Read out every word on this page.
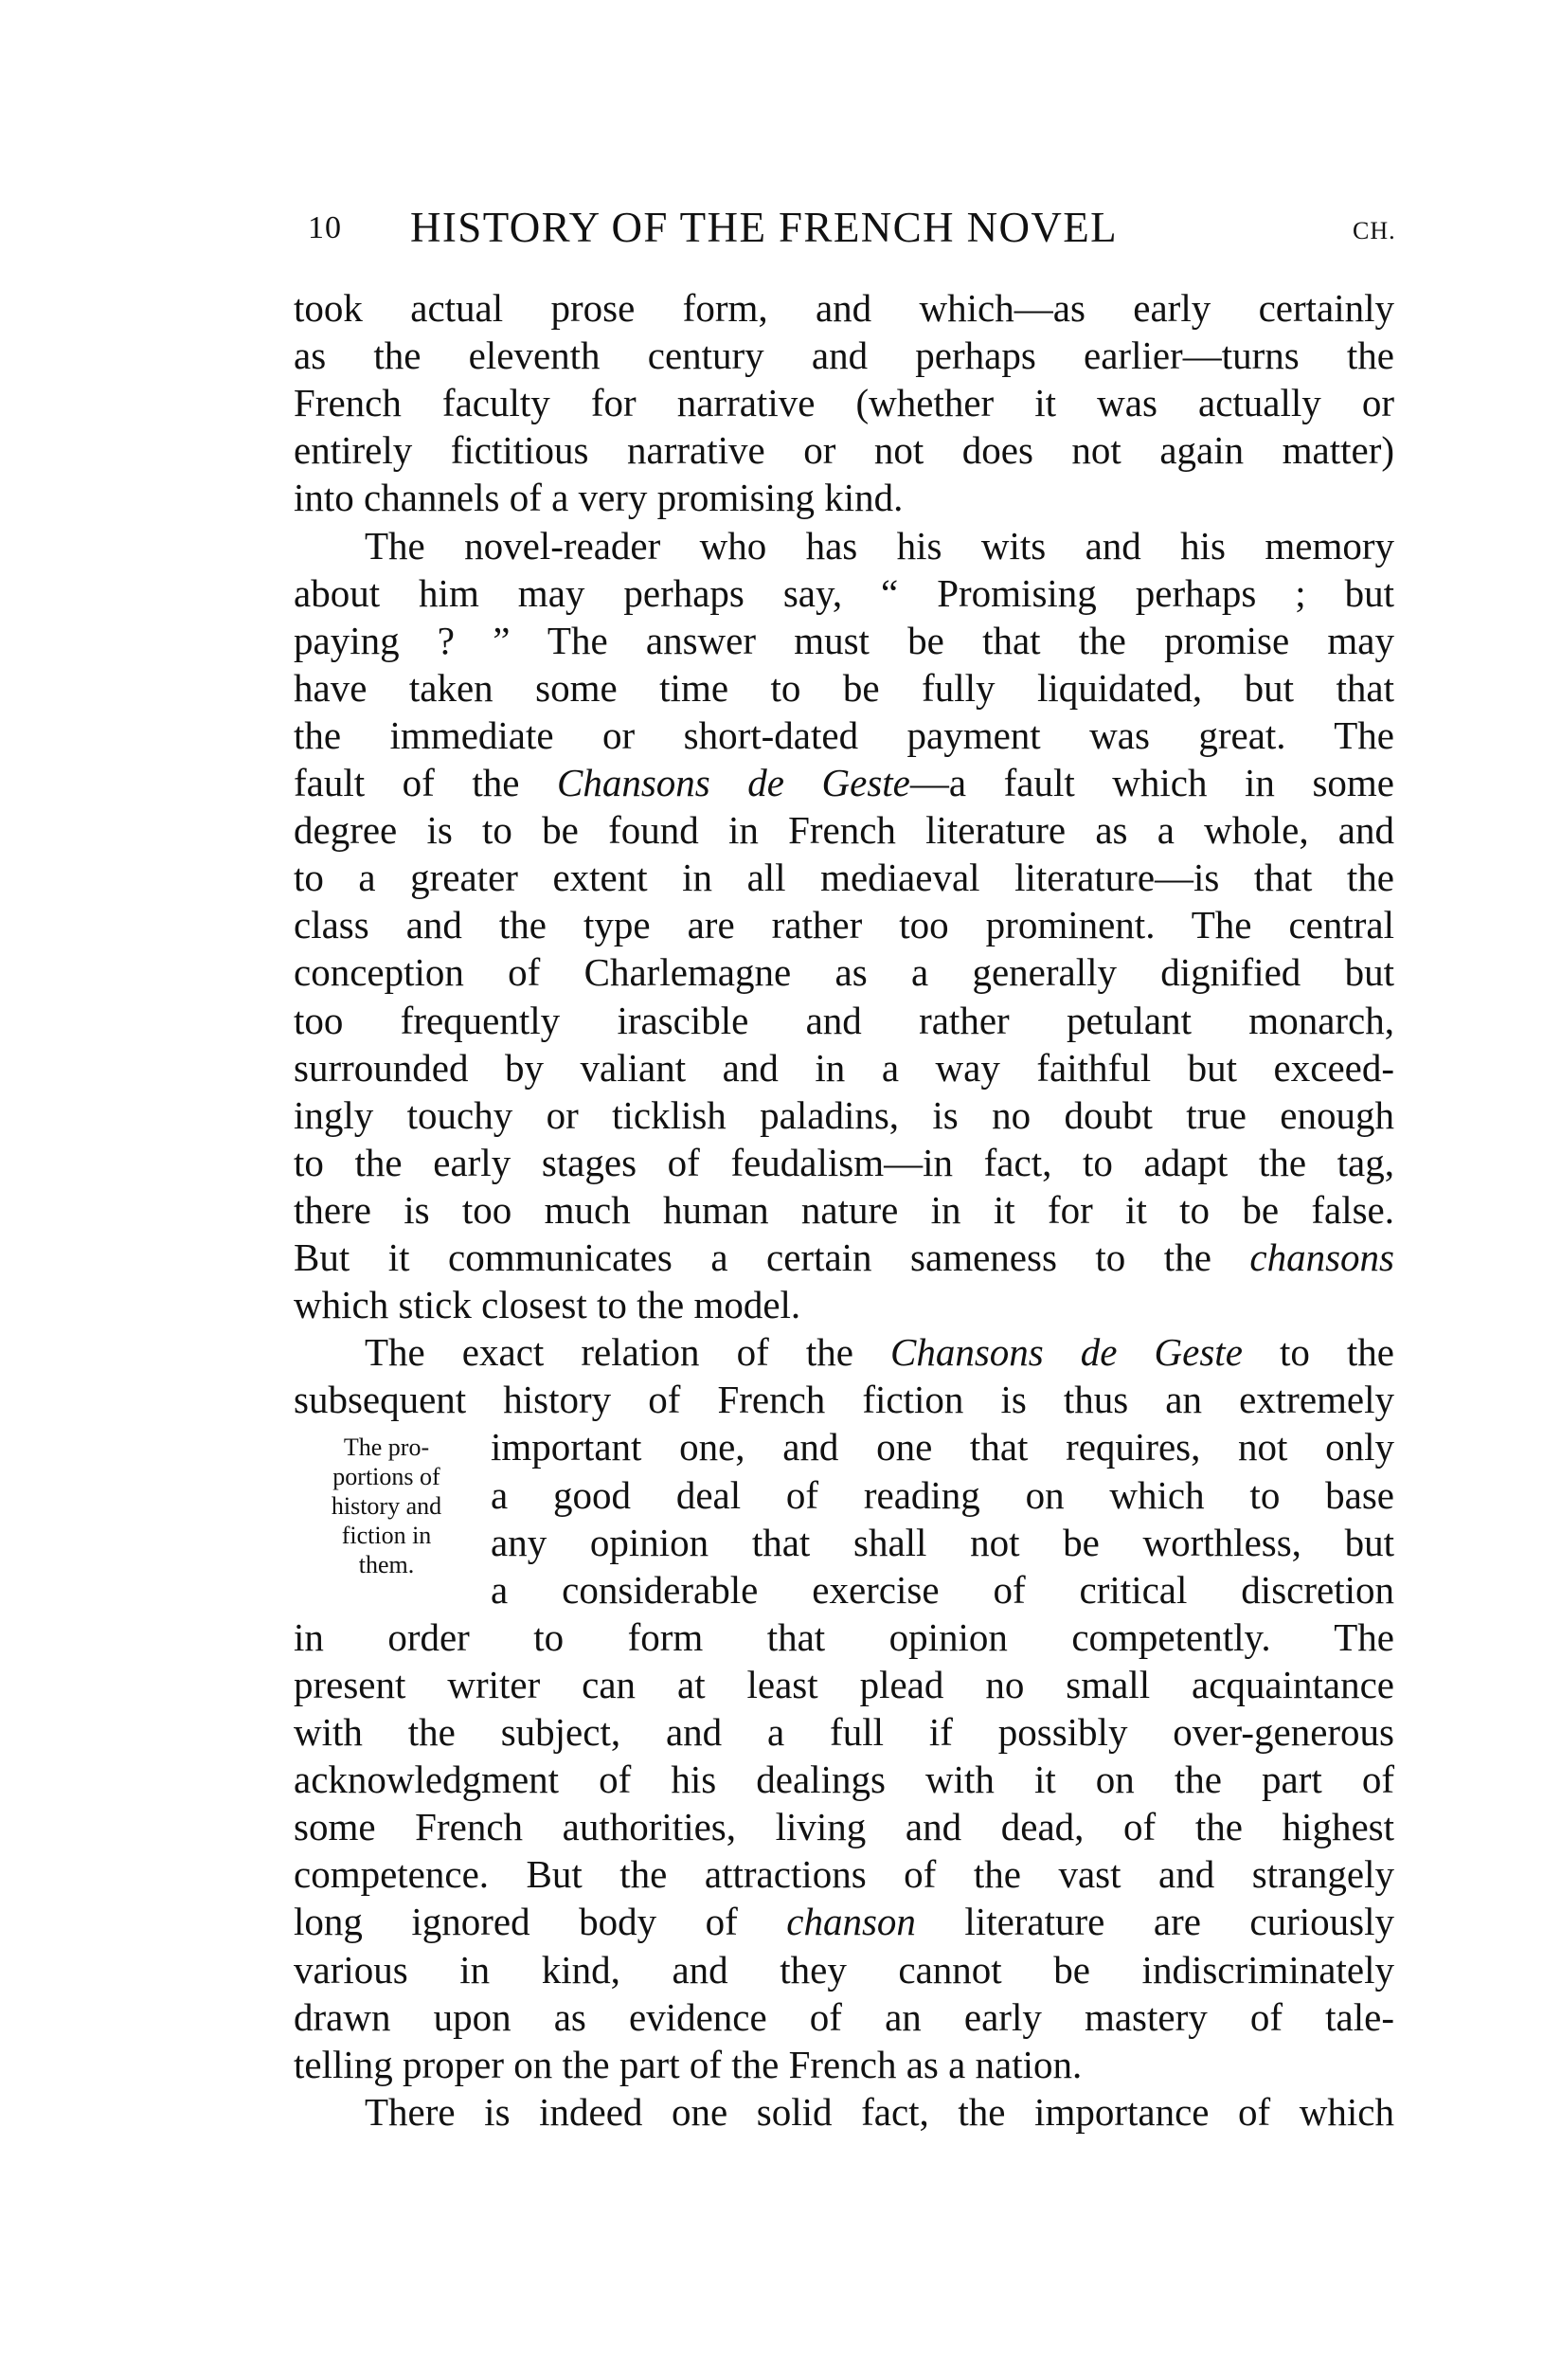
10 HISTORY OF THE FRENCH NOVEL	CH.
took actual prose form, and which—as early certainly
as the eleventh century and perhaps earlier—turns the
French faculty for narrative (whether it was actually or
entirely fictitious narrative or not does not again matter)
into channels of a very promising kind.
The novel-reader who has his wits and his memory
about him may perhaps say, “ Promising perhaps ; but
paying ? ” The answer must be that the promise may
have taken some time to be fully liquidated, but that
the immediate or short-dated payment was great. The
fault of the Chansons de Geste—a fault which in some
degree is to be found in French literature as a whole, and
to a greater extent in all mediaeval literature—is that the
class and the type are rather too prominent. The central
conception of Charlemagne as a generally dignified but
too frequently irascible and rather petulant monarch,
surrounded by valiant and in a way faithful but exceed-
ingly touchy or ticklish paladins, is no doubt true enough
to the early stages of feudalism—in fact, to adapt the tag,
there is too much human nature in it for it to be false.
But it communicates a certain sameness to the chansons
which stick closest to the model.
The exact relation of the Chansons de Geste to the
subsequent history of French fiction is thus an extremely
important one, and one that requires, not only
a good deal of reading on which to base
any opinion that shall not be worthless, but
a considerable exercise of critical discretion
in order to form that opinion competently. The
present writer can at least plead no small acquaintance
with the subject, and a full if possibly over-generous
acknowledgment of his dealings with it on the part of
some French authorities, living and dead, of the highest
competence. But the attractions of the vast and strangely
long ignored body of chanson literature are curiously
various in kind, and they cannot be indiscriminately
drawn upon as evidence of an early mastery of tale-
telling proper on the part of the French as a nation.
There is indeed one solid fact, the importance of which
The pro-
portions of
history and
fiction in
them.
